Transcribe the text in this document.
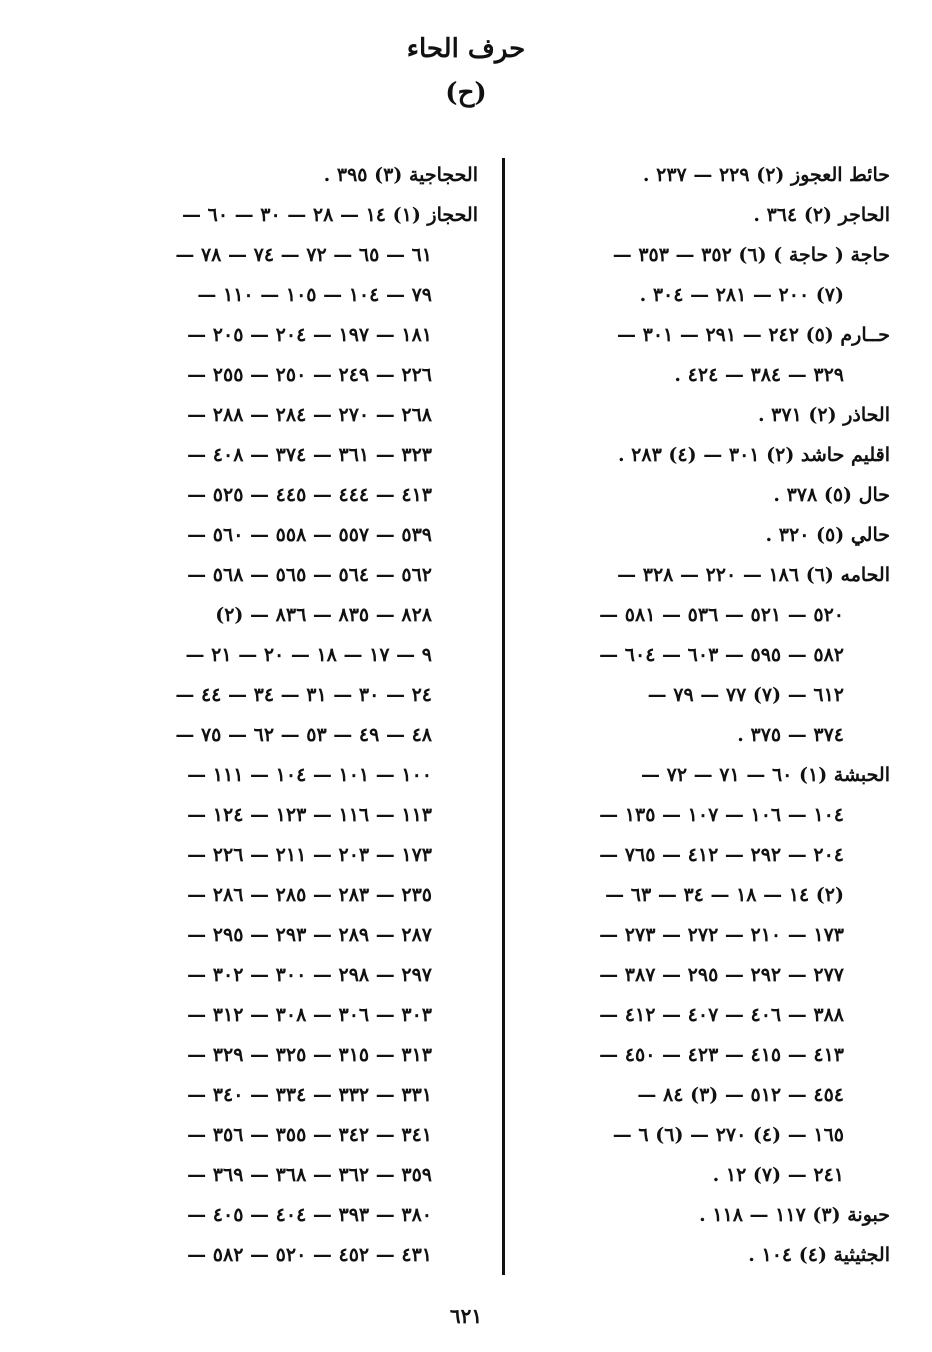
حرف الحاء
(ح)
حائط العجوز (٢) ٢٢٩ — ٢٣٧ .
الحاجر (٢) ٣٦٤ .
حاجة ( حاجة ) (٦) ٣٥٢ — ٣٥٣ —
(٧) ٢٠٠ — ٢٨١ — ٣٠٤ .
حــارم (٥) ٢٤٢ — ٢٩١ — ٣٠١ —
٣٢٩ — ٣٨٤ — ٤٢٤ .
الحاذر (٢) ٣٧١ .
اقليم حاشد (٢) ٣٠١ — (٤) ٢٨٣ .
حال (٥) ٣٧٨ .
حالي (٥) ٣٢٠ .
الحامه (٦) ١٨٦ — ٢٢٠ — ٣٢٨ —
٥٢٠ — ٥٢١ — ٥٣٦ — ٥٨١ —
٥٨٢ — ٥٩٥ — ٦٠٣ — ٦٠٤ —
٦١٢ — (٧) ٧٧ — ٧٩ —
٣٧٤ — ٣٧٥ .
الحبشة (١) ٦٠ — ٧١ — ٧٢ —
١٠٤ — ١٠٦ — ١٠٧ — ١٣٥ —
٢٠٤ — ٢٩٢ — ٤١٢ — ٧٦٥ —
(٢) ١٤ — ١٨ — ٣٤ — ٦٣ —
١٧٣ — ٢١٠ — ٢٧٢ — ٢٧٣ —
٢٧٧ — ٢٩٢ — ٢٩٥ — ٣٨٧ —
٣٨٨ — ٤٠٦ — ٤٠٧ — ٤١٢ —
٤١٣ — ٤١٥ — ٤٢٣ — ٤٥٠ —
٤٥٤ — ٥١٢ — (٣) ٨٤ —
١٦٥ — (٤) ٢٧٠ — (٦) ٦ —
٢٤١ — (٧) ١٢ .
حبونة (٣) ١١٧ — ١١٨ .
الجثيثية (٤) ١٠٤ .
الحجاجية (٣) ٣٩٥ .
الحجاز (١) ١٤ — ٢٨ — ٣٠ — ٦٠ —
٦١ — ٦٥ — ٧٢ — ٧٤ — ٧٨ —
٧٩ — ١٠٤ — ١٠٥ — ١١٠ —
١٨١ — ١٩٧ — ٢٠٤ — ٢٠٥ —
٢٢٦ — ٢٤٩ — ٢٥٠ — ٢٥٥ —
٢٦٨ — ٢٧٠ — ٢٨٤ — ٢٨٨ —
٣٢٣ — ٣٦١ — ٣٧٤ — ٤٠٨ —
٤١٣ — ٤٤٤ — ٤٤٥ — ٥٢٥ —
٥٣٩ — ٥٥٧ — ٥٥٨ — ٥٦٠ —
٥٦٢ — ٥٦٤ — ٥٦٥ — ٥٦٨ —
٨٢٨ — ٨٣٥ — ٨٣٦ — (٢)
٩ — ١٧ — ١٨ — ٢٠ — ٢١ —
٢٤ — ٣٠ — ٣١ — ٣٤ — ٤٤ —
٤٨ — ٤٩ — ٥٣ — ٦٢ — ٧٥ —
١٠٠ — ١٠١ — ١٠٤ — ١١١ —
١١٣ — ١١٦ — ١٢٣ — ١٢٤ —
١٧٣ — ٢٠٣ — ٢١١ — ٢٢٦ —
٢٣٥ — ٢٨٣ — ٢٨٥ — ٢٨٦ —
٢٨٧ — ٢٨٩ — ٢٩٣ — ٢٩٥ —
٢٩٧ — ٢٩٨ — ٣٠٠ — ٣٠٢ —
٣٠٣ — ٣٠٦ — ٣٠٨ — ٣١٢ —
٣١٣ — ٣١٥ — ٣٢٥ — ٣٢٩ —
٣٣١ — ٣٣٢ — ٣٣٤ — ٣٤٠ —
٣٤١ — ٣٤٢ — ٣٥٥ — ٣٥٦ —
٣٥٩ — ٣٦٢ — ٣٦٨ — ٣٦٩ —
٣٨٠ — ٣٩٣ — ٤٠٤ — ٤٠٥ —
٤٣١ — ٤٥٢ — ٥٢٠ — ٥٨٢ —
٦٢١
